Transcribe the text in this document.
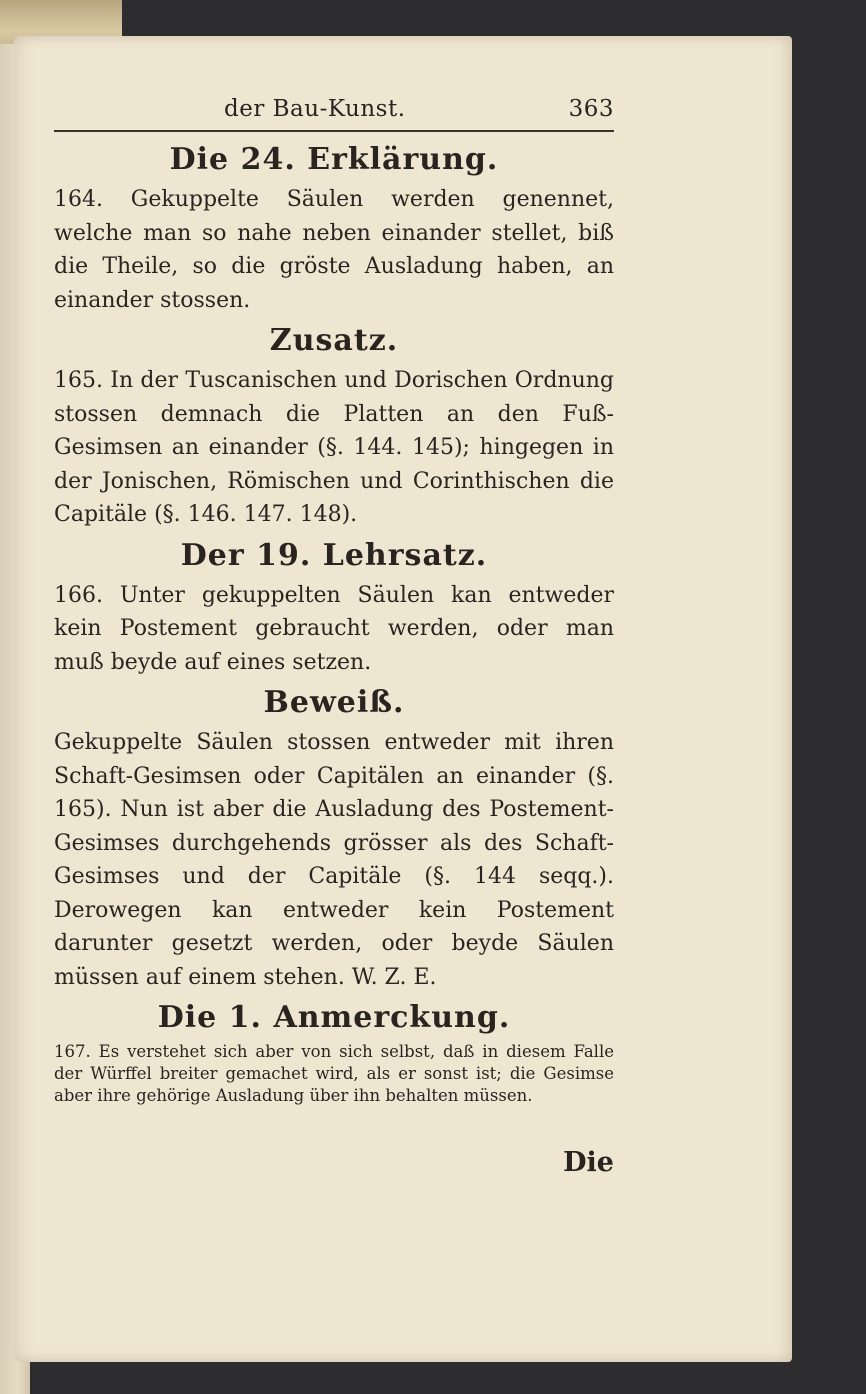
der Bau-Kunst.	363
Die 24. Erklärung.

164. Gekuppelte Säulen werden genennet, welche man so nahe neben einander stellet, biß die Theile, so die gröste Ausladung haben, an einander stossen.

Zusatz.

165. In der Tuscanischen und Dorischen Ordnung stossen demnach die Platten an den Fuß-Gesimsen an einander (§. 144. 145); hingegen in der Jonischen, Römischen und Corinthischen die Capitäle (§. 146. 147. 148).

Der 19. Lehrsatz.

166. Unter gekuppelten Säulen kan entweder kein Postement gebraucht werden, oder man muß beyde auf eines setzen.

Beweiß.

Gekuppelte Säulen stossen entweder mit ihren Schaft-Gesimsen oder Capitälen an einander (§. 165). Nun ist aber die Ausladung des Postement-Gesimses durchgehends grösser als des Schaft-Gesimses und der Capitäle (§. 144 seqq.). Derowegen kan entweder kein Postement darunter gesetzt werden, oder beyde Säulen müssen auf einem stehen. W. Z. E.

Die 1. Anmerckung.

167. Es verstehet sich aber von sich selbst, daß in diesem Falle der Würffel breiter gemachet wird, als er sonst ist; die Gesimse aber ihre gehörige Ausladung über ihn behalten müssen.

Die
